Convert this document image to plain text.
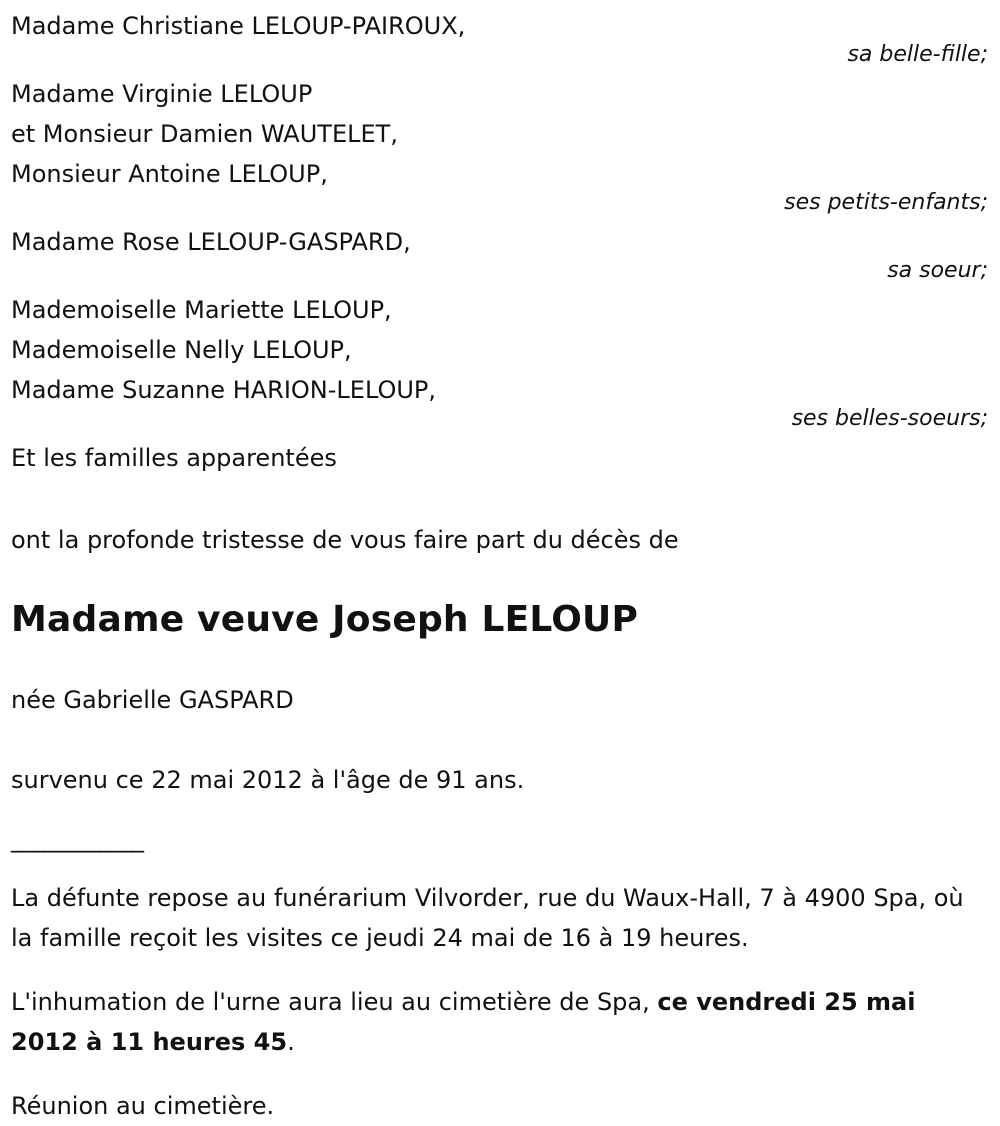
Madame Christiane LELOUP-PAIROUX,

sa belle-fille;

Madame Virginie LELOUP

et Monsieur Damien WAUTELET,

Monsieur Antoine LELOUP,

ses petits-enfants;

Madame Rose LELOUP-GASPARD,

sa soeur;

Mademoiselle Mariette LELOUP,

Mademoiselle Nelly LELOUP,

Madame Suzanne HARION-LELOUP,

ses belles-soeurs;

Et les familles apparentées

ont la profonde tristesse de vous faire part du décès de

Madame veuve Joseph LELOUP

née Gabrielle GASPARD

survenu ce 22 mai 2012 à l'âge de 91 ans.

____________

La défunte repose au funérarium Vilvorder, rue du Waux-Hall, 7 à 4900 Spa, où la famille reçoit les visites ce jeudi 24 mai de 16 à 19 heures.

L'inhumation de l'urne aura lieu au cimetière de Spa, ce vendredi 25 mai 2012 à 11 heures 45.

Réunion au cimetière.
